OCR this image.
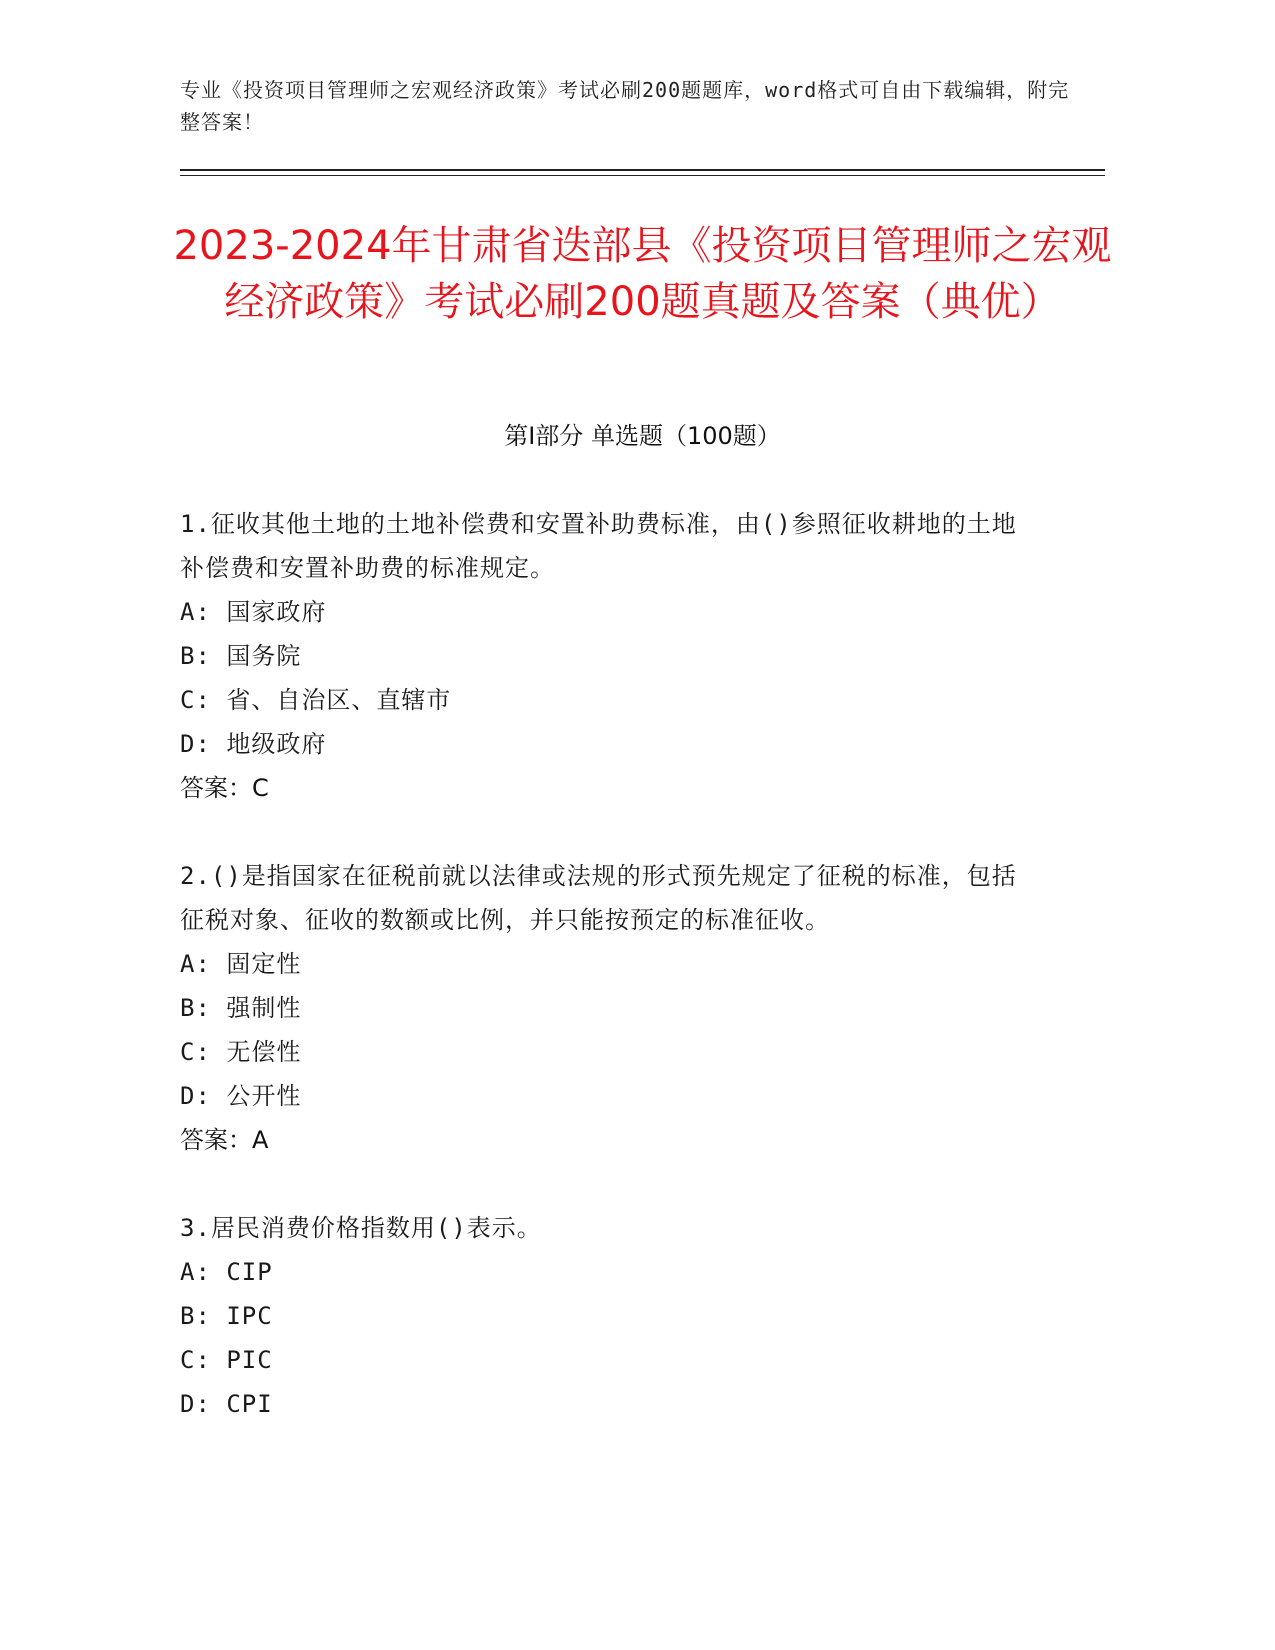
专业《投资项目管理师之宏观经济政策》考试必刷200题题库，word格式可自由下载编辑，附完整答案！
2023-2024年甘肃省迭部县《投资项目管理师之宏观经济政策》考试必刷200题真题及答案（典优）
第Ⅰ部分 单选题（100题）
1.征收其他土地的土地补偿费和安置补助费标准，由()参照征收耕地的土地补偿费和安置补助费的标准规定。
A: 国家政府
B: 国务院
C: 省、自治区、直辖市
D: 地级政府
答案：C
2.()是指国家在征税前就以法律或法规的形式预先规定了征税的标准，包括征税对象、征收的数额或比例，并只能按预定的标准征收。
A: 固定性
B: 强制性
C: 无偿性
D: 公开性
答案：A
3.居民消费价格指数用()表示。
A: CIP
B: IPC
C: PIC
D: CPI
